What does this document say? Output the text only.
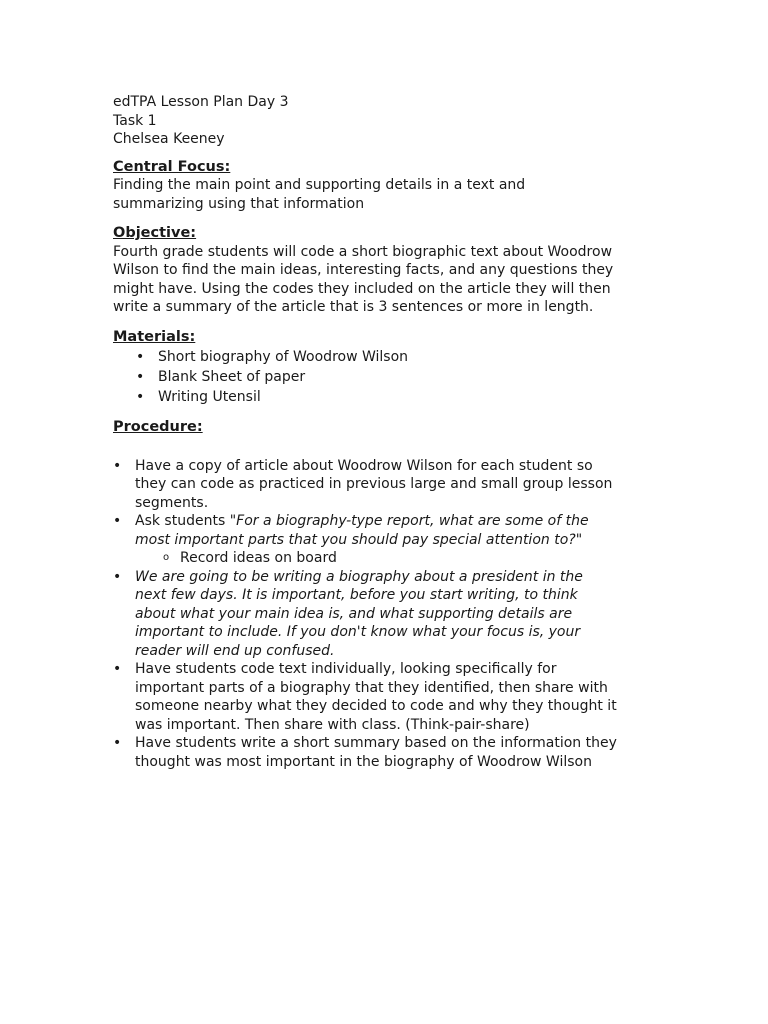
edTPA Lesson Plan Day 3
Task 1
Chelsea Keeney
Central Focus:
Finding the main point and supporting details in a text and
summarizing using that information
Objective:
Fourth grade students will code a short biographic text about Woodrow
Wilson to find the main ideas, interesting facts, and any questions they
might have. Using the codes they included on the article they will then
write a summary of the article that is 3 sentences or more in length.
Materials:
• Short biography of Woodrow Wilson
• Blank Sheet of paper
• Writing Utensil
Procedure:
• Have a copy of article about Woodrow Wilson for each student so
they can code as practiced in previous large and small group lesson
segments.
• Ask students "For a biography-type report, what are some of the
most important parts that you should pay special attention to?"
o Record ideas on board
• We are going to be writing a biography about a president in the
next few days. It is important, before you start writing, to think
about what your main idea is, and what supporting details are
important to include. If you don't know what your focus is, your
reader will end up confused.
• Have students code text individually, looking specifically for
important parts of a biography that they identified, then share with
someone nearby what they decided to code and why they thought it
was important. Then share with class. (Think-pair-share)
• Have students write a short summary based on the information they
thought was most important in the biography of Woodrow Wilson
